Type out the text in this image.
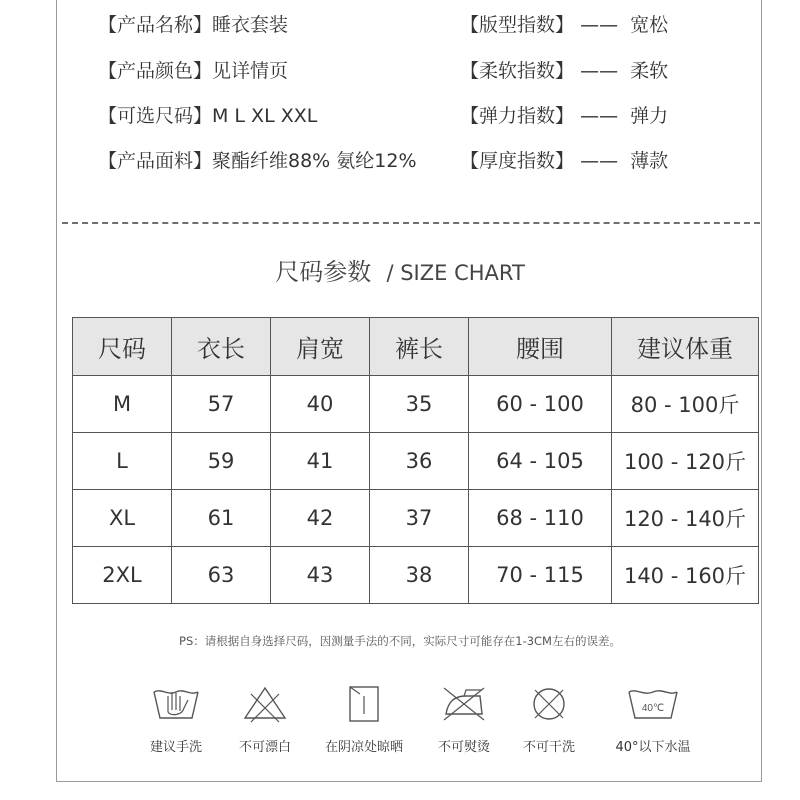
【产品名称】睡衣套装
【产品颜色】见详情页
【可选尺码】M L XL XXL
【产品面料】聚酯纤维88% 氨纶12%
【版型指数】 —— 宽松
【柔软指数】 —— 柔软
【弹力指数】 —— 弹力
【厚度指数】 —— 薄款
尺码参数 / SIZE CHART
尺码	衣长	肩宽	裤长	腰围	建议体重
M	57	40	35	60 - 100	80 - 100斤
L	59	41	36	64 - 105	100 - 120斤
XL	61	42	37	68 - 110	120 - 140斤
2XL	63	43	38	70 - 115	140 - 160斤
PS：请根据自身选择尺码，因测量手法的不同，实际尺寸可能存在1-3CM左右的误差。
建议手洗	不可漂白	在阴凉处晾晒	不可熨烫	不可干洗
40℃
40°以下水温
